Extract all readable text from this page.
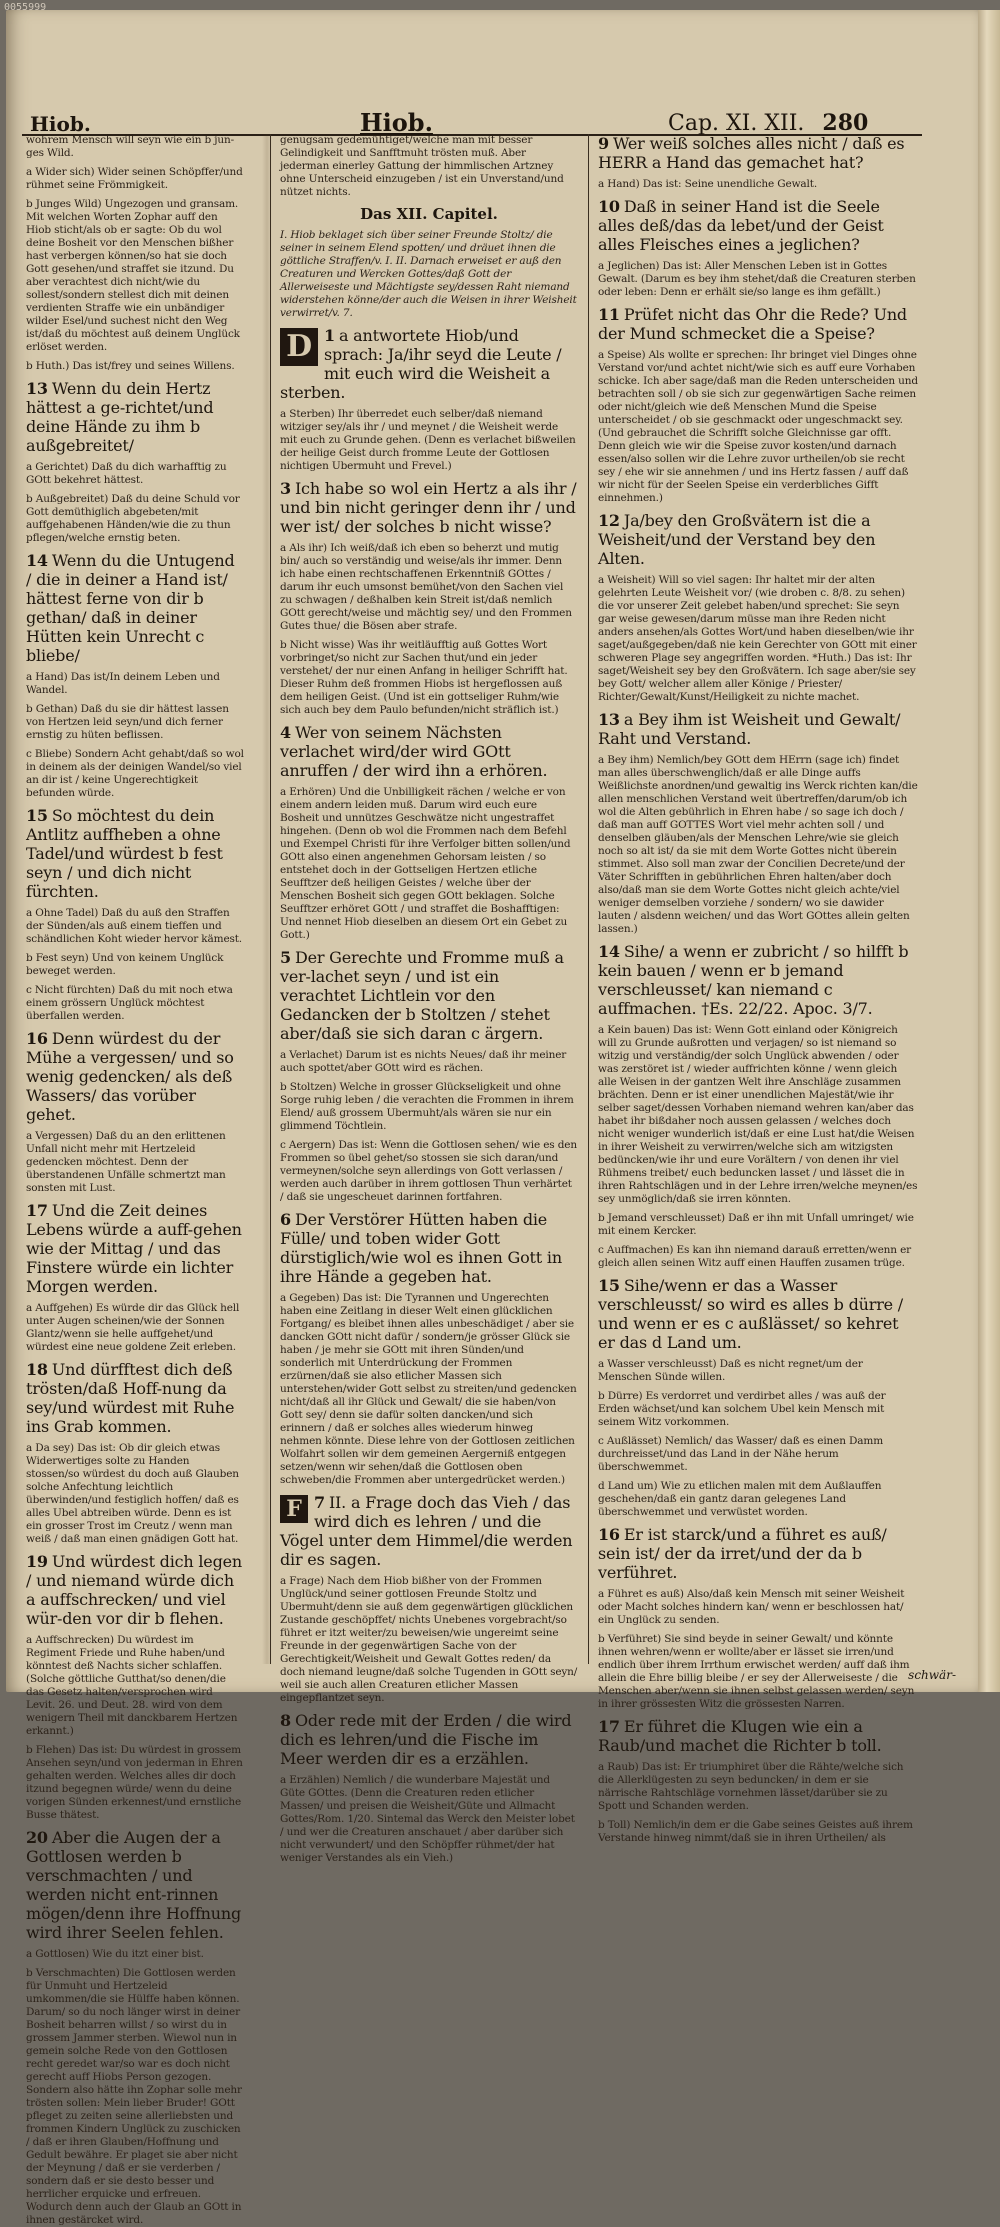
0055999
Hiob.	Hiob.	Cap. XI. XII. 280

wohrem Mensch will seyn wie ein b jun-ges Wild.

a Wider sich) Wider seinen Schöpffer/und rühmet seine Frömmigkeit.

b Junges Wild) Ungezogen und gransam. Mit welchen Worten Zophar auff den Hiob sticht/als ob er sagte: Ob du wol deine Bosheit vor den Menschen bißher hast verbergen können/so hat sie doch Gott gesehen/und straffet sie itzund. Du aber verachtest dich nicht/wie du sollest/sondern stellest dich mit deinen verdienten Straffe wie ein unbändiger wilder Esel/und suchest nicht den Weg ist/daß du möchtest auß deinem Unglück erlöset werden.

b Huth.) Das ist/frey und seines Willens.

13 Wenn du dein Hertz hättest a ge-richtet/und deine Hände zu ihm b außgebreitet/

a Gerichtet) Daß du dich warhafftig zu GOtt bekehret hättest.

b Außgebreitet) Daß du deine Schuld vor Gott demüthiglich abgebeten/mit auffgehabenen Händen/wie die zu thun pflegen/welche ernstig beten.

14 Wenn du die Untugend / die in deiner a Hand ist/ hättest ferne von dir b gethan/ daß in deiner Hütten kein Unrecht c bliebe/

a Hand) Das ist/In deinem Leben und Wandel.

b Gethan) Daß du sie dir hättest lassen von Hertzen leid seyn/und dich ferner ernstig zu hüten beflissen.

c Bliebe) Sondern Acht gehabt/daß so wol in deinem als der deinigen Wandel/so viel an dir ist / keine Ungerechtigkeit befunden würde.

15 So möchtest du dein Antlitz auffheben a ohne Tadel/und würdest b fest seyn / und dich nicht fürchten.

a Ohne Tadel) Daß du auß den Straffen der Sünden/als auß einem tieffen und schändlichen Koht wieder hervor kämest.

b Fest seyn) Und von keinem Unglück beweget werden.

c Nicht fürchten) Daß du mit noch etwa einem grössern Unglück möchtest überfallen werden.

16 Denn würdest du der Mühe a vergessen/ und so wenig gedencken/ als deß Wassers/ das vorüber gehet.

a Vergessen) Daß du an den erlittenen Unfall nicht mehr mit Hertzeleid gedencken möchtest. Denn der überstandenen Unfälle schmertzt man sonsten mit Lust.

17 Und die Zeit deines Lebens würde a auff-gehen wie der Mittag / und das Finstere würde ein lichter Morgen werden.

a Auffgehen) Es würde dir das Glück hell unter Augen scheinen/wie der Sonnen Glantz/wenn sie helle auffgehet/und würdest eine neue goldene Zeit erleben.

18 Und dürfftest dich deß trösten/daß Hoff-nung da sey/und würdest mit Ruhe ins Grab kommen.

a Da sey) Das ist: Ob dir gleich etwas Widerwertiges solte zu Handen stossen/so würdest du doch auß Glauben solche Anfechtung leichtlich überwinden/und festiglich hoffen/ daß es alles Ubel abtreiben würde. Denn es ist ein grosser Trost im Creutz / wenn man weiß / daß man einen gnädigen Gott hat.

19 Und würdest dich legen / und niemand würde dich a auffschrecken/ und viel wür-den vor dir b flehen.

a Auffschrecken) Du würdest im Regiment Friede und Ruhe haben/und könntest deß Nachts sicher schlaffen. (Solche göttliche Gutthat/so denen/die das Gesetz halten/versprochen wird Levit. 26. und Deut. 28. wird von dem wenigern Theil mit danckbarem Hertzen erkannt.)

b Flehen) Das ist: Du würdest in grossem Ansehen seyn/und von jederman in Ehren gehalten werden. Welches alles dir doch itzund begegnen würde/ wenn du deine vorigen Sünden erkennest/und ernstliche Busse thätest.

20 Aber die Augen der a Gottlosen werden b verschmachten / und werden nicht ent-rinnen mögen/denn ihre Hoffnung wird ihrer Seelen fehlen.

a Gottlosen) Wie du itzt einer bist.

b Verschmachten) Die Gottlosen werden für Unmuht und Hertzeleid umkommen/die sie Hülffe haben können. Darum/ so du noch länger wirst in deiner Bosheit beharren willst / so wirst du in grossem Jammer sterben. Wiewol nun in gemein solche Rede von den Gottlosen recht geredet war/so war es doch nicht gerecht auff Hiobs Person gezogen. Sondern also hätte ihn Zophar solle mehr trösten sollen: Mein lieber Bruder! GOtt pfleget zu zeiten seine allerliebsten und frommen Kindern Unglück zu zuschicken / daß er ihren Glauben/Hoffnung und Gedult bewähre. Er plaget sie aber nicht der Meynung / daß er sie verderben / sondern daß er sie desto besser und herrlicher erquicke und erfreuen. Wodurch denn auch der Glaub an GOtt in ihnen gestärcket wird.

genugsam gedemühtiget/welche man mit besser Gelindigkeit und Sanfftmuht trösten muß. Aber jederman einerley Gattung der himmlischen Artzney ohne Unterscheid einzugeben / ist ein Unverstand/und nützet nichts.

Das XII. Capitel.

I. Hiob beklaget sich über seiner Freunde Stoltz/ die seiner in seinem Elend spotten/ und dräuet ihnen die göttliche Straffen/v. I. II. Darnach erweiset er auß den Creaturen und Wercken Gottes/daß Gott der Allerweiseste und Mächtigste sey/dessen Raht niemand widerstehen könne/der auch die Weisen in ihrer Weisheit verwirret/v. 7.

D 1 a antwortete Hiob/und sprach: Ja/ihr seyd die Leute / mit euch wird die Weisheit a sterben.

a Sterben) Ihr überredet euch selber/daß niemand witziger sey/als ihr / und meynet / die Weisheit werde mit euch zu Grunde gehen. (Denn es verlachet bißweilen der heilige Geist durch fromme Leute der Gottlosen nichtigen Ubermuht und Frevel.)

3 Ich habe so wol ein Hertz a als ihr / und bin nicht geringer denn ihr / und wer ist/ der solches b nicht wisse?

a Als ihr) Ich weiß/daß ich eben so beherzt und mutig bin/ auch so verständig und weise/als ihr immer. Denn ich habe einen rechtschaffenen Erkenntniß GOttes / darum ihr euch umsonst bemühet/von den Sachen viel zu schwagen / deßhalben kein Streit ist/daß nemlich GOtt gerecht/weise und mächtig sey/ und den Frommen Gutes thue/ die Bösen aber strafe.

b Nicht wisse) Was ihr weitläufftig auß Gottes Wort vorbringet/so nicht zur Sachen thut/und ein jeder verstehet/ der nur einen Anfang in heiliger Schrifft hat. Dieser Ruhm deß frommen Hiobs ist hergeflossen auß dem heiligen Geist. (Und ist ein gottseliger Ruhm/wie sich auch bey dem Paulo befunden/nicht sträflich ist.)

4 Wer von seinem Nächsten verlachet wird/der wird GOtt anruffen / der wird ihn a erhören.

a Erhören) Und die Unbilligkeit rächen / welche er von einem andern leiden muß. Darum wird euch eure Bosheit und unnützes Geschwätze nicht ungestraffet hingehen. (Denn ob wol die Frommen nach dem Befehl und Exempel Christi für ihre Verfolger bitten sollen/und GOtt also einen angenehmen Gehorsam leisten / so entstehet doch in der Gottseligen Hertzen etliche Seufftzer deß heiligen Geistes / welche über der Menschen Bosheit sich gegen GOtt beklagen. Solche Seufftzer erhöret GOtt / und straffet die Boshafftigen: Und nennet Hiob dieselben an diesem Ort ein Gebet zu Gott.)

5 Der Gerechte und Fromme muß a ver-lachet seyn / und ist ein verachtet Lichtlein vor den Gedancken der b Stoltzen / stehet aber/daß sie sich daran c ärgern.

a Verlachet) Darum ist es nichts Neues/ daß ihr meiner auch spottet/aber GOtt wird es rächen.

b Stoltzen) Welche in grosser Glückseligkeit und ohne Sorge ruhig leben / die verachten die Frommen in ihrem Elend/ auß grossem Ubermuht/als wären sie nur ein glimmend Töchtlein.

c Aergern) Das ist: Wenn die Gottlosen sehen/ wie es den Frommen so übel gehet/so stossen sie sich daran/und vermeynen/solche seyn allerdings von Gott verlassen / werden auch darüber in ihrem gottlosen Thun verhärtet / daß sie ungescheuet darinnen fortfahren.

6 Der Verstörer Hütten haben die Fülle/ und toben wider Gott dürstiglich/wie wol es ihnen Gott in ihre Hände a gegeben hat.

a Gegeben) Das ist: Die Tyrannen und Ungerechten haben eine Zeitlang in dieser Welt einen glücklichen Fortgang/ es bleibet ihnen alles unbeschädiget / aber sie dancken GOtt nicht dafür / sondern/je grösser Glück sie haben / je mehr sie GOtt mit ihren Sünden/und sonderlich mit Unterdrückung der Frommen erzürnen/daß sie also etlicher Massen sich unterstehen/wider Gott selbst zu streiten/und gedencken nicht/daß all ihr Glück und Gewalt/ die sie haben/von Gott sey/ denn sie dafür solten dancken/und sich erinnern / daß er solches alles wiederum hinweg nehmen könnte. Diese lehre von der Gottlosen zeitlichen Wolfahrt sollen wir dem gemeinen Aergerniß entgegen setzen/wenn wir sehen/daß die Gottlosen oben schweben/die Frommen aber untergedrücket werden.)

F 7 II. a Frage doch das Vieh / das wird dich es lehren / und die Vögel unter dem Himmel/die werden dir es sagen.

a Frage) Nach dem Hiob bißher von der Frommen Unglück/und seiner gottlosen Freunde Stoltz und Ubermuht/denn sie auß dem gegenwärtigen glücklichen Zustande geschöpffet/ nichts Unebenes vorgebracht/so führet er itzt weiter/zu beweisen/wie ungereimt seine Freunde in der gegenwärtigen Sache von der Gerechtigkeit/Weisheit und Gewalt Gottes reden/ da doch niemand leugne/daß solche Tugenden in GOtt seyn/ weil sie auch allen Creaturen etlicher Massen eingepflantzet seyn.

8 Oder rede mit der Erden / die wird dich es lehren/und die Fische im Meer werden dir es a erzählen.

a Erzählen) Nemlich / die wunderbare Majestät und Güte GOttes. (Denn die Creaturen reden etlicher Massen/ und preisen die Weisheit/Güte und Allmacht Gottes/Rom. 1/20. Sintemal das Werck den Meister lobet / und wer die Creaturen anschauet / aber darüber sich nicht verwundert/ und den Schöpffer rühmet/der hat weniger Verstandes als ein Vieh.)

9 Wer weiß solches alles nicht / daß es HERR a Hand das gemachet hat?

a Hand) Das ist: Seine unendliche Gewalt.

10 Daß in seiner Hand ist die Seele alles deß/das da lebet/und der Geist alles Fleisches eines a jeglichen?

a Jeglichen) Das ist: Aller Menschen Leben ist in Gottes Gewalt. (Darum es bey ihm stehet/daß die Creaturen sterben oder leben: Denn er erhält sie/so lange es ihm gefällt.)

11 Prüfet nicht das Ohr die Rede? Und der Mund schmecket die a Speise?

a Speise) Als wollte er sprechen: Ihr bringet viel Dinges ohne Verstand vor/und achtet nicht/wie sich es auff eure Vorhaben schicke. Ich aber sage/daß man die Reden unterscheiden und betrachten soll / ob sie sich zur gegenwärtigen Sache reimen oder nicht/gleich wie deß Menschen Mund die Speise unterscheidet / ob sie geschmackt oder ungeschmackt sey. (Und gebrauchet die Schrifft solche Gleichnisse gar offt. Denn gleich wie wir die Speise zuvor kosten/und darnach essen/also sollen wir die Lehre zuvor urtheilen/ob sie recht sey / ehe wir sie annehmen / und ins Hertz fassen / auff daß wir nicht für der Seelen Speise ein verderbliches Gifft einnehmen.)

12 Ja/bey den Großvätern ist die a Weisheit/und der Verstand bey den Alten.

a Weisheit) Will so viel sagen: Ihr haltet mir der alten gelehrten Leute Weisheit vor/ (wie droben c. 8/8. zu sehen) die vor unserer Zeit gelebet haben/und sprechet: Sie seyn gar weise gewesen/darum müsse man ihre Reden nicht anders ansehen/als Gottes Wort/und haben dieselben/wie ihr saget/außgegeben/daß nie kein Gerechter von GOtt mit einer schweren Plage sey angegriffen worden. *Huth.) Das ist: Ihr saget/Weisheit sey bey den Großvätern. Ich sage aber/sie sey bey Gott/ welcher allem aller Könige / Priester/ Richter/Gewalt/Kunst/Heiligkeit zu nichte machet.

13 a Bey ihm ist Weisheit und Gewalt/ Raht und Verstand.

a Bey ihm) Nemlich/bey GOtt dem HErrn (sage ich) findet man alles überschwenglich/daß er alle Dinge auffs Weißlichste anordnen/und gewaltig ins Werck richten kan/die allen menschlichen Verstand weit übertreffen/darum/ob ich wol die Alten gebührlich in Ehren habe / so sage ich doch / daß man auff GOTTES Wort viel mehr achten soll / und denselben gläuben/als der Menschen Lehre/wie sie gleich noch so alt ist/ da sie mit dem Worte Gottes nicht überein stimmet. Also soll man zwar der Concilien Decrete/und der Väter Schrifften in gebührlichen Ehren halten/aber doch also/daß man sie dem Worte Gottes nicht gleich achte/viel weniger demselben vorziehe / sondern/ wo sie dawider lauten / alsdenn weichen/ und das Wort GOttes allein gelten lassen.)

14 Sihe/ a wenn er zubricht / so hilfft b kein bauen / wenn er b jemand verschleusset/ kan niemand c auffmachen. †Es. 22/22. Apoc. 3/7.

a Kein bauen) Das ist: Wenn Gott einland oder Königreich will zu Grunde außrotten und verjagen/ so ist niemand so witzig und verständig/der solch Unglück abwenden / oder was zerstöret ist / wieder auffrichten könne / wenn gleich alle Weisen in der gantzen Welt ihre Anschläge zusammen brächten. Denn er ist einer unendlichen Majestät/wie ihr selber saget/dessen Vorhaben niemand wehren kan/aber das habet ihr bißdaher noch aussen gelassen / welches doch nicht weniger wunderlich ist/daß er eine Lust hat/die Weisen in ihrer Weisheit zu verwirren/welche sich am witzigsten bedüncken/wie ihr und eure Vorältern / von denen ihr viel Rühmens treibet/ euch beduncken lasset / und lässet die in ihren Rahtschlägen und in der Lehre irren/welche meynen/es sey unmöglich/daß sie irren könnten.

b Jemand verschleusset) Daß er ihn mit Unfall umringet/ wie mit einem Kercker.

c Auffmachen) Es kan ihn niemand darauß erretten/wenn er gleich allen seinen Witz auff einen Hauffen zusamen trüge.

15 Sihe/wenn er das a Wasser verschleusst/ so wird es alles b dürre / und wenn er es c außlässet/ so kehret er das d Land um.

a Wasser verschleusst) Daß es nicht regnet/um der Menschen Sünde willen.

b Dürre) Es verdorret und verdirbet alles / was auß der Erden wächset/und kan solchem Ubel kein Mensch mit seinem Witz vorkommen.

c Außlässet) Nemlich/ das Wasser/ daß es einen Damm durchreisset/und das Land in der Nähe herum überschwemmet.

d Land um) Wie zu etlichen malen mit dem Außlauffen geschehen/daß ein gantz daran gelegenes Land überschwemmet und verwüstet worden.

16 Er ist starck/und a führet es auß/ sein ist/ der da irret/und der da b verführet.

a Führet es auß) Also/daß kein Mensch mit seiner Weisheit oder Macht solches hindern kan/ wenn er beschlossen hat/ ein Unglück zu senden.

b Verführet) Sie sind beyde in seiner Gewalt/ und könnte ihnen wehren/wenn er wollte/aber er lässet sie irren/und endlich über ihrem Irrthum erwischet werden/ auff daß ihm allein die Ehre billig bleibe / er sey der Allerweiseste / die Menschen aber/wenn sie ihnen selbst gelassen werden/ seyn in ihrer grössesten Witz die grössesten Narren.

17 Er führet die Klugen wie ein a Raub/und machet die Richter b toll.

a Raub) Das ist: Er triumphiret über die Rähte/welche sich die Allerklügesten zu seyn beduncken/ in dem er sie närrische Rahtschläge vornehmen lässet/darüber sie zu Spott und Schanden werden.

b Toll) Nemlich/in dem er die Gabe seines Geistes auß ihrem Verstande hinweg nimmt/daß sie in ihren Urtheilen/ als

schwär-
